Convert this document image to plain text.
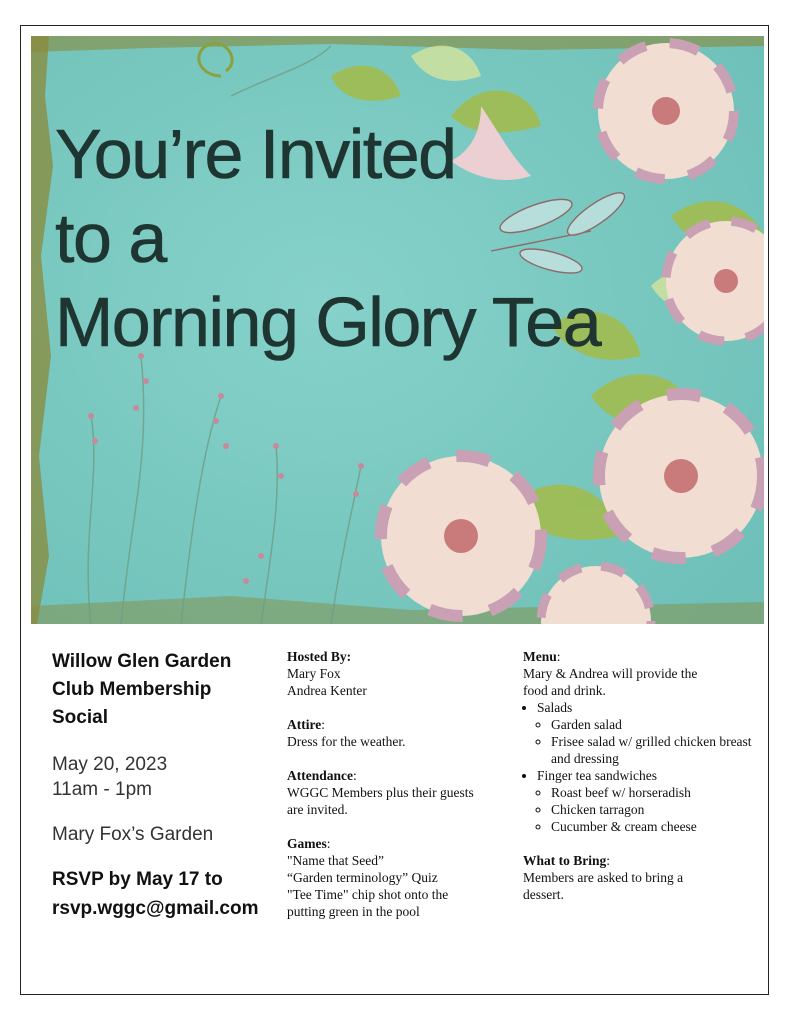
You’re Invited
to a
Morning Glory Tea
Willow Glen Garden
Club Membership
Social
May 20, 2023
11am - 1pm
Mary Fox’s Garden
RSVP by May 17 to
rsvp.wggc@gmail.com
Hosted By:
Mary Fox
Andrea Kenter
Attire:
Dress for the weather.
Attendance:
WGGC Members plus their guests
are invited.
Games:
"Name that Seed”
“Garden terminology” Quiz
"Tee Time" chip shot onto the
putting green in the pool
Menu:
Mary & Andrea will provide the
food and drink.
• Salads
◦ Garden salad
◦ Frisee salad w/ grilled chicken breast and dressing
• Finger tea sandwiches
◦ Roast beef w/ horseradish
◦ Chicken tarragon
◦ Cucumber & cream cheese
What to Bring:
Members are asked to bring a
dessert.
